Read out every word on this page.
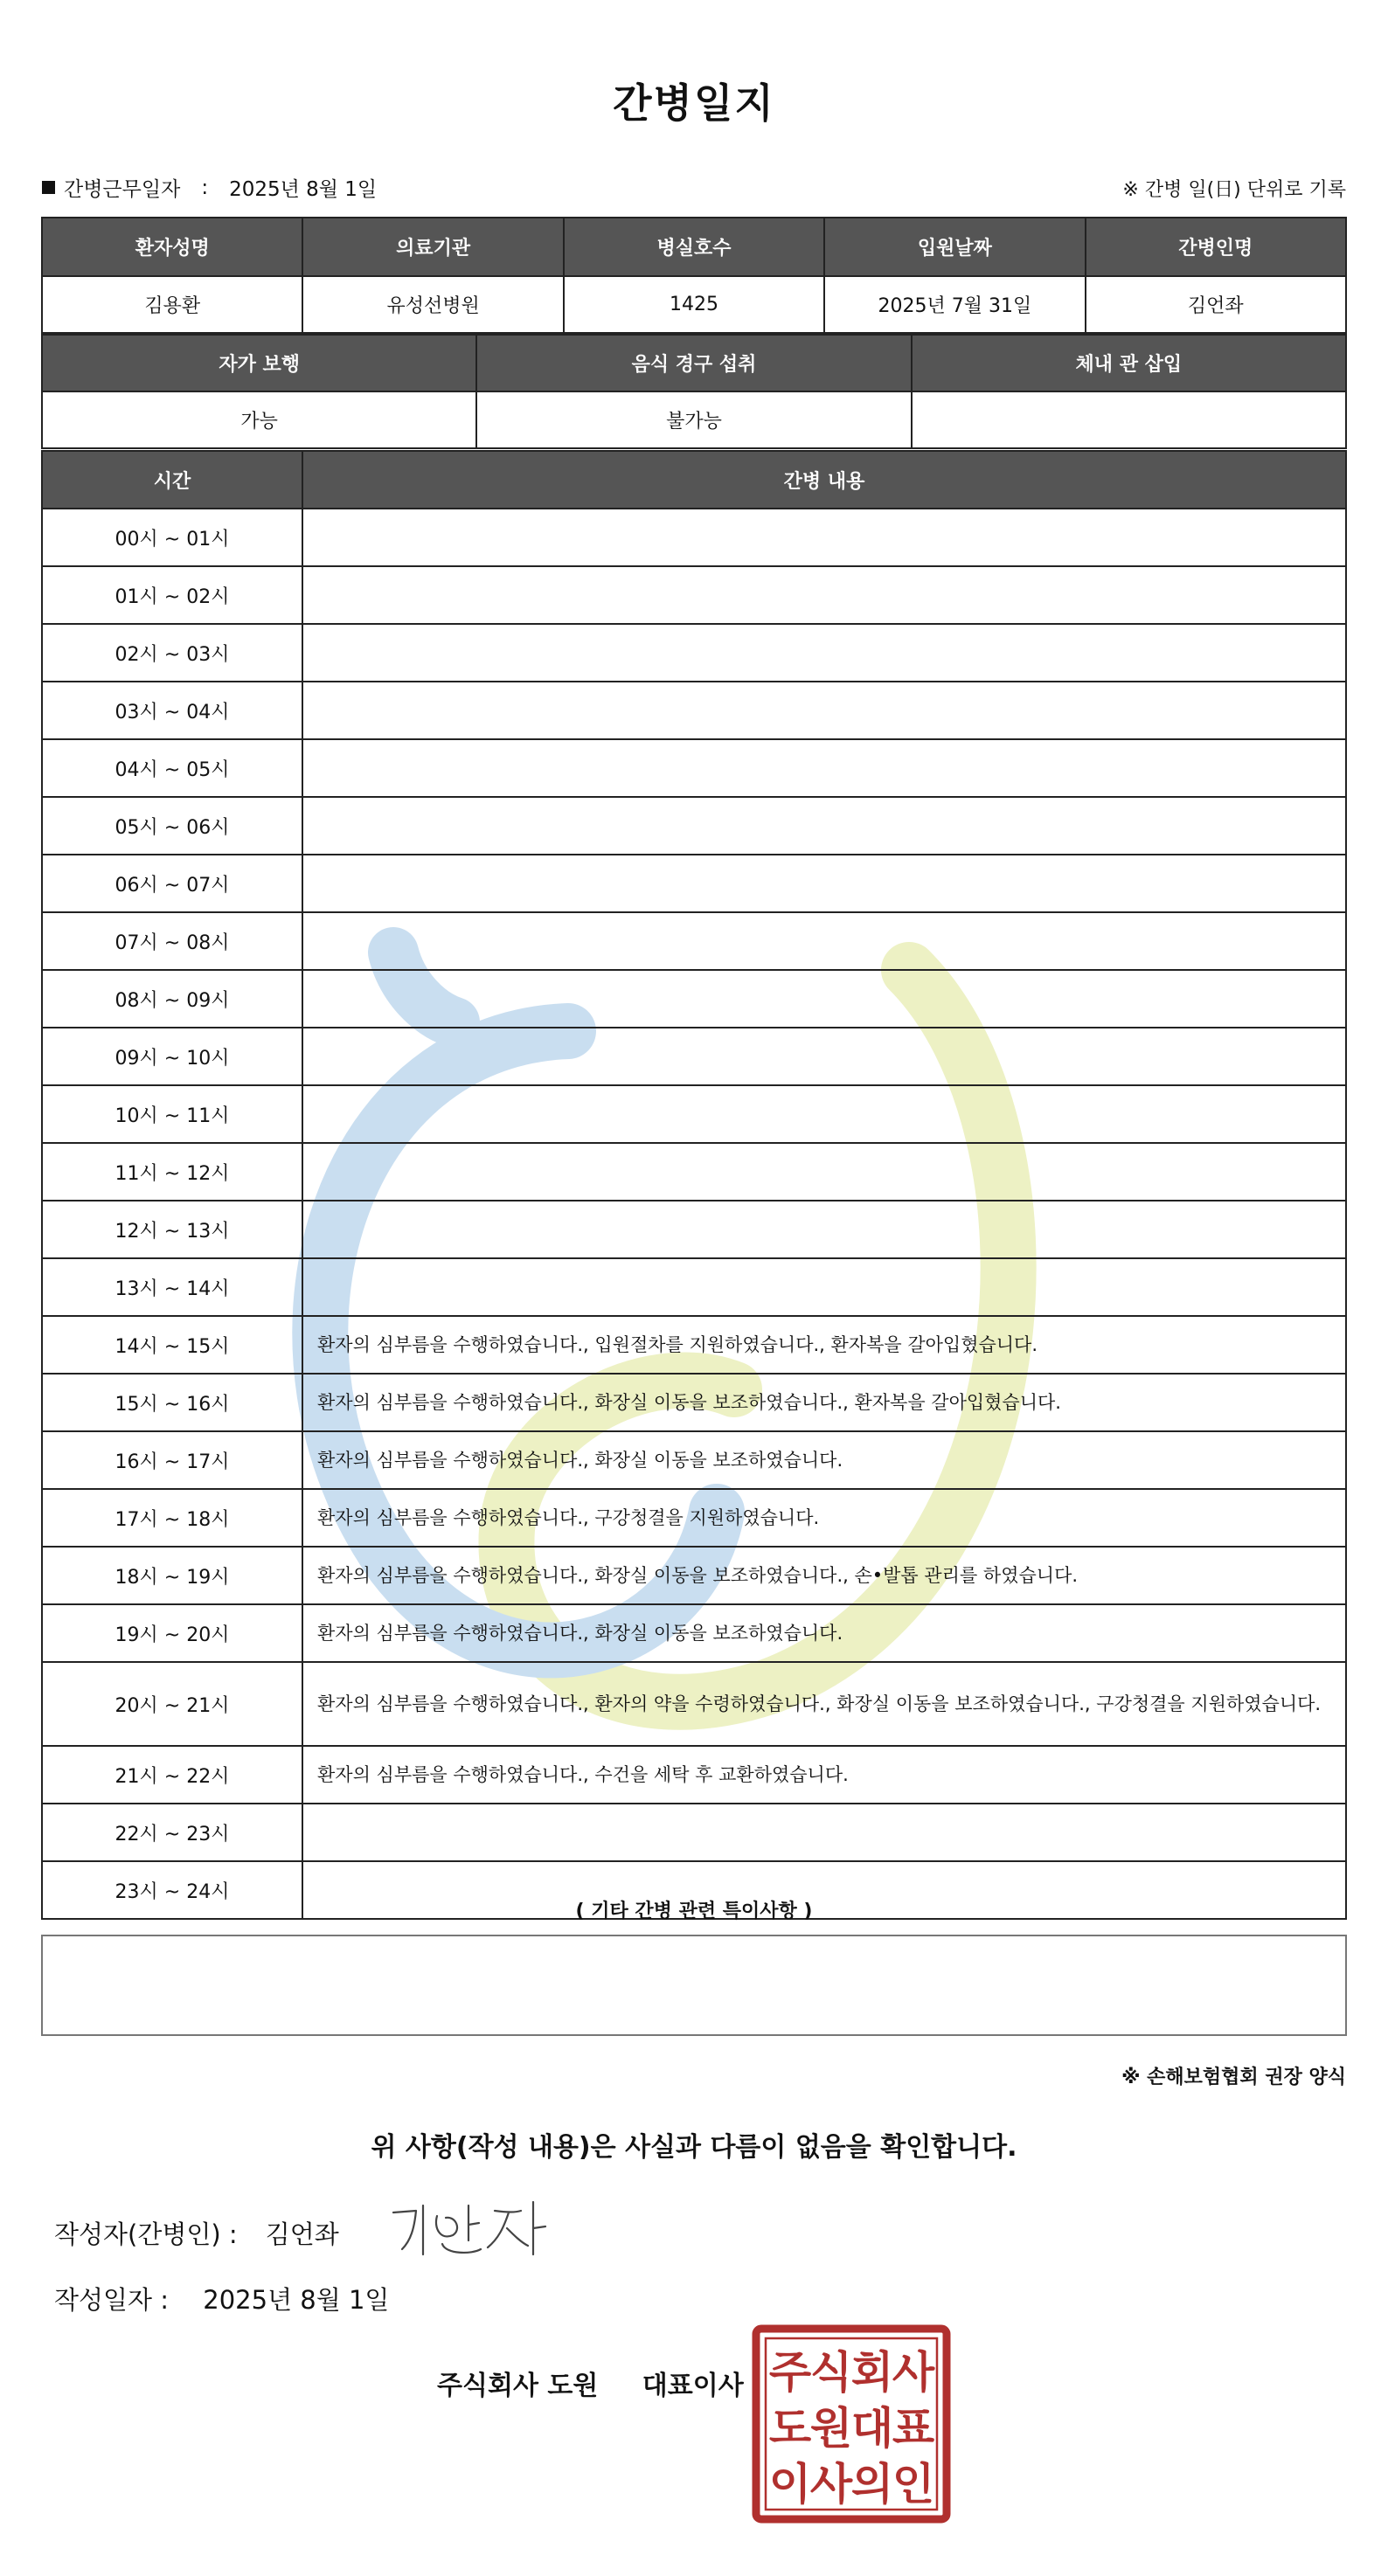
간병일지
간병근무일자 : 2025년 8월 1일	※ 간병 일(日) 단위로 기록
환자성명	의료기관	병실호수	입원날짜	간병인명
김용환	유성선병원	1425	2025년 7월 31일	김언좌
자가 보행	음식 경구 섭취	체내 관 삽입
가능	불가능	
시간	간병 내용
00시 ~ 01시	
01시 ~ 02시	
02시 ~ 03시	
03시 ~ 04시	
04시 ~ 05시	
05시 ~ 06시	
06시 ~ 07시	
07시 ~ 08시	
08시 ~ 09시	
09시 ~ 10시	
10시 ~ 11시	
11시 ~ 12시	
12시 ~ 13시	
13시 ~ 14시	
14시 ~ 15시	환자의 심부름을 수행하였습니다., 입원절차를 지원하였습니다., 환자복을 갈아입혔습니다.
15시 ~ 16시	환자의 심부름을 수행하였습니다., 화장실 이동을 보조하였습니다., 환자복을 갈아입혔습니다.
16시 ~ 17시	환자의 심부름을 수행하였습니다., 화장실 이동을 보조하였습니다.
17시 ~ 18시	환자의 심부름을 수행하였습니다., 구강청결을 지원하였습니다.
18시 ~ 19시	환자의 심부름을 수행하였습니다., 화장실 이동을 보조하였습니다., 손•발톱 관리를 하였습니다.
19시 ~ 20시	환자의 심부름을 수행하였습니다., 화장실 이동을 보조하였습니다.
20시 ~ 21시	환자의 심부름을 수행하였습니다., 환자의 약을 수령하였습니다., 화장실 이동을 보조하였습니다., 구강청결을 지원하였습니다.
21시 ~ 22시	환자의 심부름을 수행하였습니다., 수건을 세탁 후 교환하였습니다.
22시 ~ 23시	
23시 ~ 24시	
( 기타 간병 관련 특이사항 )
※ 손해보험협회 권장 양식
위 사항(작성 내용)은 사실과 다름이 없음을 확인합니다.
작성자(간병인) : 김언좌
작성일자 : 2025년 8월 1일
주식회사 도원 대표이사 주
식
회
사
도
원
대
표
이
사
의
인
